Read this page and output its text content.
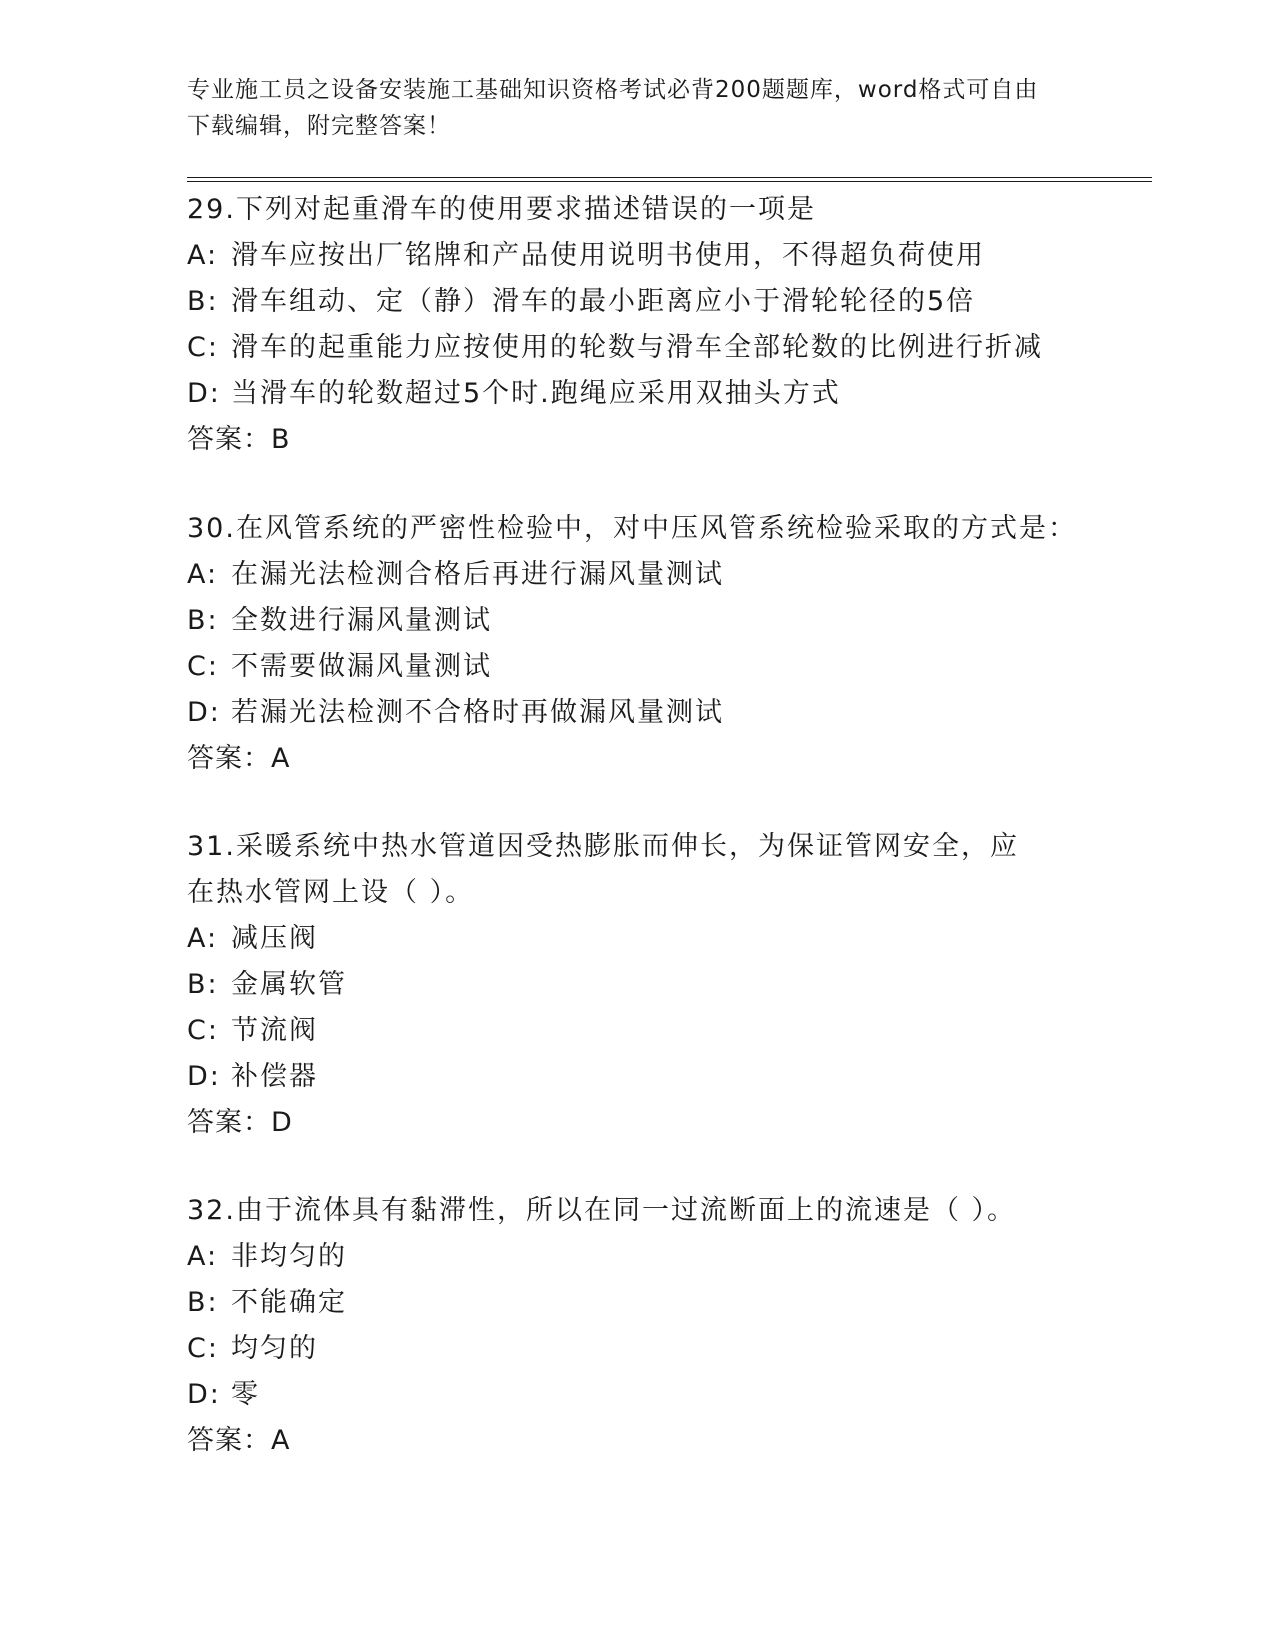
专业施工员之设备安装施工基础知识资格考试必背200题题库，word格式可自由
下载编辑，附完整答案！
29.下列对起重滑车的使用要求描述错误的一项是
A: 滑车应按出厂铭牌和产品使用说明书使用，不得超负荷使用
B: 滑车组动、定（静）滑车的最小距离应小于滑轮轮径的5倍
C: 滑车的起重能力应按使用的轮数与滑车全部轮数的比例进行折减
D: 当滑车的轮数超过5个时.跑绳应采用双抽头方式
答案：B
30.在风管系统的严密性检验中，对中压风管系统检验采取的方式是：
A: 在漏光法检测合格后再进行漏风量测试
B: 全数进行漏风量测试
C: 不需要做漏风量测试
D: 若漏光法检测不合格时再做漏风量测试
答案：A
31.采暖系统中热水管道因受热膨胀而伸长，为保证管网安全，应在热水管网上设（ ）。
A: 减压阀
B: 金属软管
C: 节流阀
D: 补偿器
答案：D
32.由于流体具有黏滞性，所以在同一过流断面上的流速是（ ）。
A: 非均匀的
B: 不能确定
C: 均匀的
D: 零
答案：A
